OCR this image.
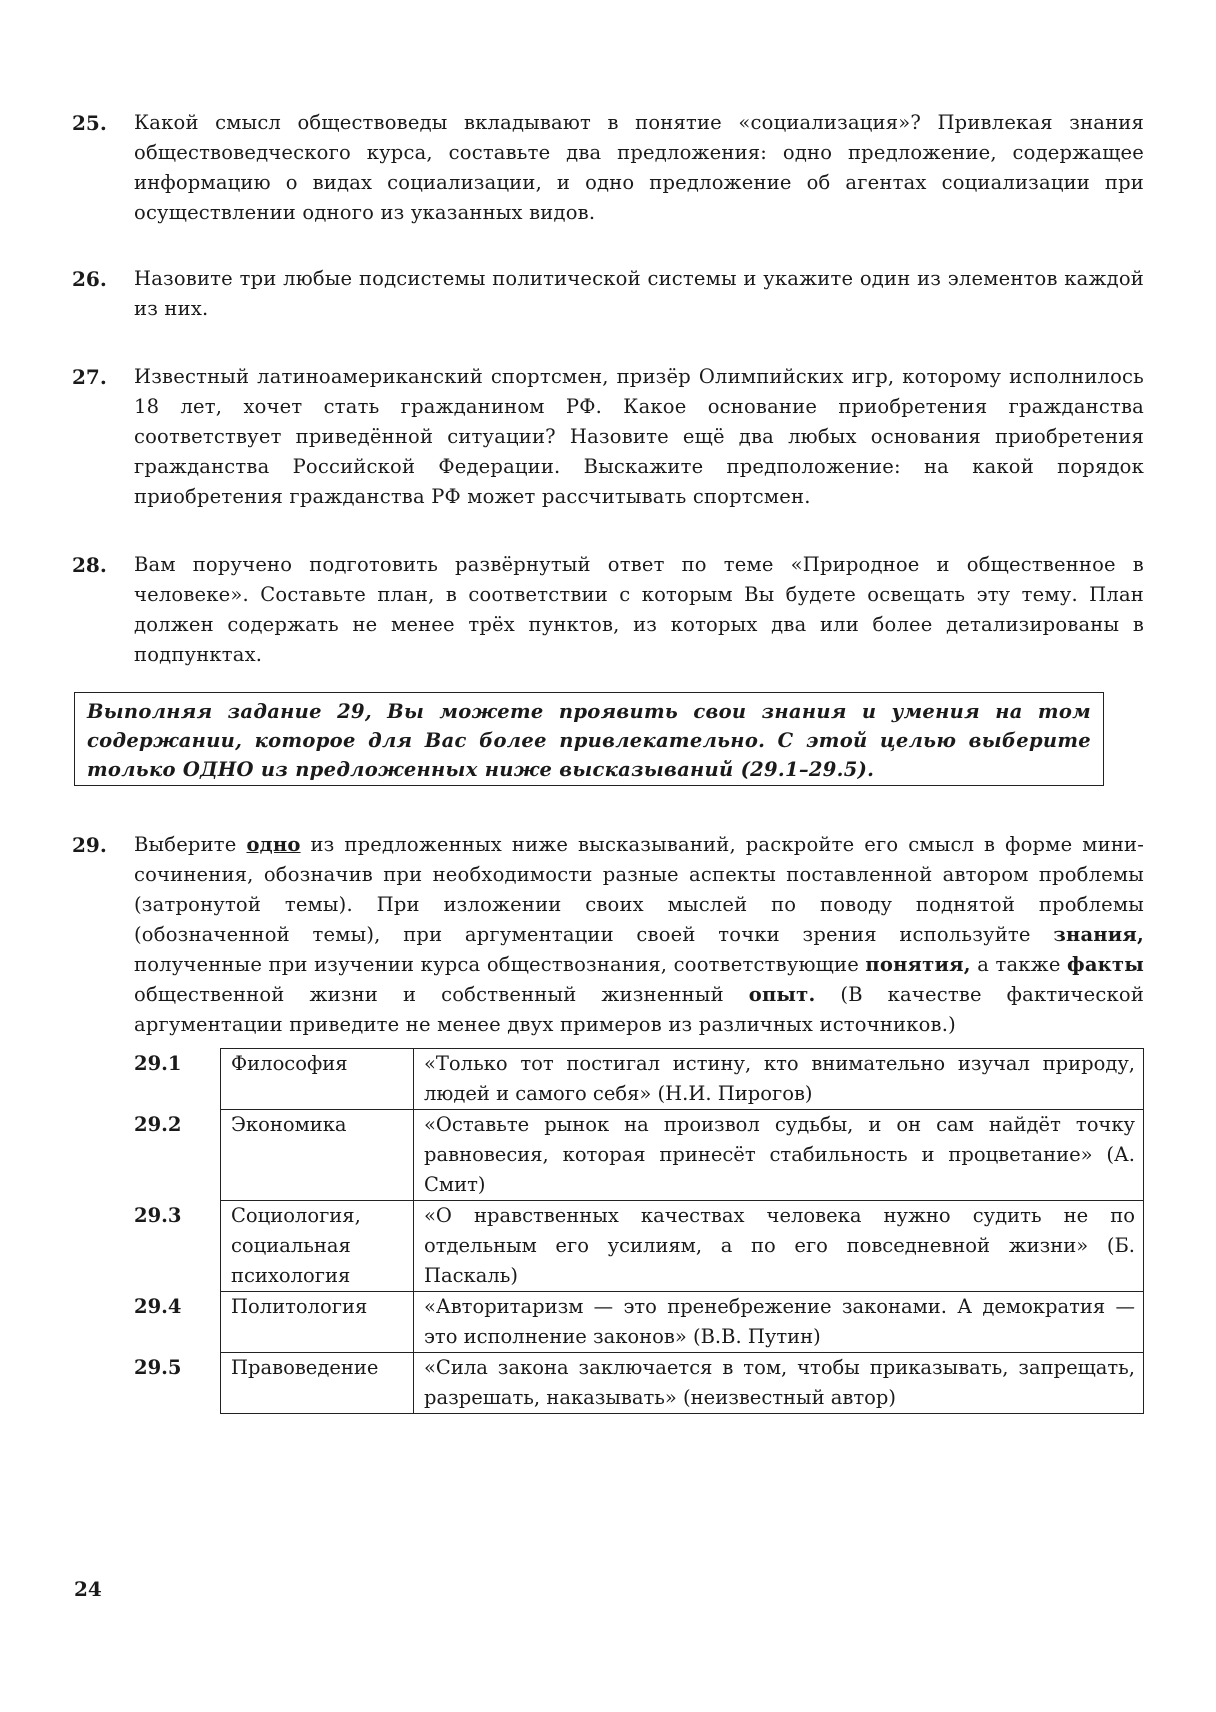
25. Какой смысл обществоведы вкладывают в понятие «социализация»? Привлекая знания обществоведческого курса, составьте два предложения: одно предложение, содержащее информацию о видах социализации, и одно предложение об агентах социализации при осуществлении одного из указанных видов.
26. Назовите три любые подсистемы политической системы и укажите один из элементов каждой из них.
27. Известный латиноамериканский спортсмен, призёр Олимпийских игр, которому исполнилось 18 лет, хочет стать гражданином РФ. Какое основание приобретения гражданства соответствует приведённой ситуации? Назовите ещё два любых основания приобретения гражданства Российской Федерации. Выскажите предположение: на какой порядок приобретения гражданства РФ может рассчитывать спортсмен.
28. Вам поручено подготовить развёрнутый ответ по теме «Природное и общественное в человеке». Составьте план, в соответствии с которым Вы будете освещать эту тему. План должен содержать не менее трёх пунктов, из которых два или более детализированы в подпунктах.
Выполняя задание 29, Вы можете проявить свои знания и умения на том содержании, которое для Вас более привлекательно. С этой целью выберите только ОДНО из предложенных ниже высказываний (29.1–29.5).
29. Выберите одно из предложенных ниже высказываний, раскройте его смысл в форме мини-сочинения, обозначив при необходимости разные аспекты поставленной автором проблемы (затронутой темы). При изложении своих мыслей по поводу поднятой проблемы (обозначенной темы), при аргументации своей точки зрения используйте знания, полученные при изучении курса обществознания, соответствующие понятия, а также факты общественной жизни и собственный жизненный опыт. (В качестве фактической аргументации приведите не менее двух примеров из различных источников.)
29.1	Философия	«Только тот постигал истину, кто внимательно изучал природу, людей и самого себя» (Н.И. Пирогов)
29.2	Экономика	«Оставьте рынок на произвол судьбы, и он сам найдёт точку равновесия, которая принесёт стабильность и процветание» (А. Смит)
29.3	Социология, социальная психология	«О нравственных качествах человека нужно судить не по отдельным его усилиям, а по его повседневной жизни» (Б. Паскаль)
29.4	Политология	«Авторитаризм — это пренебрежение законами. А демократия — это исполнение законов» (В.В. Путин)
29.5	Правоведение	«Сила закона заключается в том, чтобы приказывать, запрещать, разрешать, наказывать» (неизвестный автор)
24
